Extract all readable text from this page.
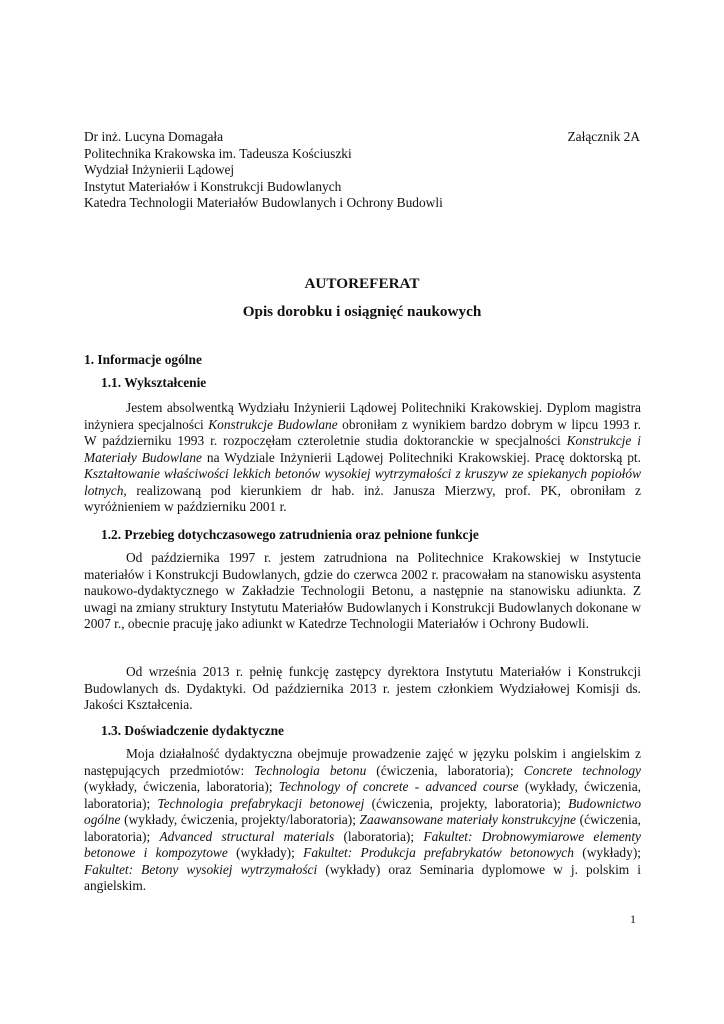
Dr inż. Lucyna Domagała
Politechnika Krakowska im. Tadeusza Kościuszki
Wydział Inżynierii Lądowej
Instytut Materiałów i Konstrukcji Budowlanych
Katedra Technologii Materiałów Budowlanych i Ochrony Budowli
Załącznik 2A
AUTOREFERAT
Opis dorobku i osiągnięć naukowych
1. Informacje ogólne
1.1. Wykształcenie
Jestem absolwentką Wydziału Inżynierii Lądowej Politechniki Krakowskiej. Dyplom magistra inżyniera specjalności Konstrukcje Budowlane obroniłam z wynikiem bardzo dobrym w lipcu 1993 r. W październiku 1993 r. rozpoczęłam czteroletnie studia doktoranckie w specjalności Konstrukcje i Materiały Budowlane na Wydziale Inżynierii Lądowej Politechniki Krakowskiej. Pracę doktorską pt. Kształtowanie właściwości lekkich betonów wysokiej wytrzymałości z kruszyw ze spiekanych popiołów lotnych, realizowaną pod kierunkiem dr hab. inż. Janusza Mierzwy, prof. PK, obroniłam z wyróżnieniem w październiku 2001 r.
1.2. Przebieg dotychczasowego zatrudnienia oraz pełnione funkcje
Od października 1997 r. jestem zatrudniona na Politechnice Krakowskiej w Instytucie materiałów i Konstrukcji Budowlanych, gdzie do czerwca 2002 r. pracowałam na stanowisku asystenta naukowo-dydaktycznego w Zakładzie Technologii Betonu, a następnie na stanowisku adiunkta. Z uwagi na zmiany struktury Instytutu Materiałów Budowlanych i Konstrukcji Budowlanych dokonane w 2007 r., obecnie pracuję jako adiunkt w Katedrze Technologii Materiałów i Ochrony Budowli.
Od września 2013 r. pełnię funkcję zastępcy dyrektora Instytutu Materiałów i Konstrukcji Budowlanych ds. Dydaktyki. Od października 2013 r. jestem członkiem Wydziałowej Komisji ds. Jakości Kształcenia.
1.3. Doświadczenie dydaktyczne
Moja działalność dydaktyczna obejmuje prowadzenie zajęć w języku polskim i angielskim z następujących przedmiotów: Technologia betonu (ćwiczenia, laboratoria); Concrete technology (wykłady, ćwiczenia, laboratoria); Technology of concrete - advanced course (wykłady, ćwiczenia, laboratoria); Technologia prefabrykacji betonowej (ćwiczenia, projekty, laboratoria); Budownictwo ogólne (wykłady, ćwiczenia, projekty/laboratoria); Zaawansowane materiały konstrukcyjne (ćwiczenia, laboratoria); Advanced structural materials (laboratoria); Fakultet: Drobnowymiarowe elementy betonowe i kompozytowe (wykłady); Fakultet: Produkcja prefabrykatów betonowych (wykłady); Fakultet: Betony wysokiej wytrzymałości (wykłady) oraz Seminaria dyplomowe w j. polskim i angielskim.
1
